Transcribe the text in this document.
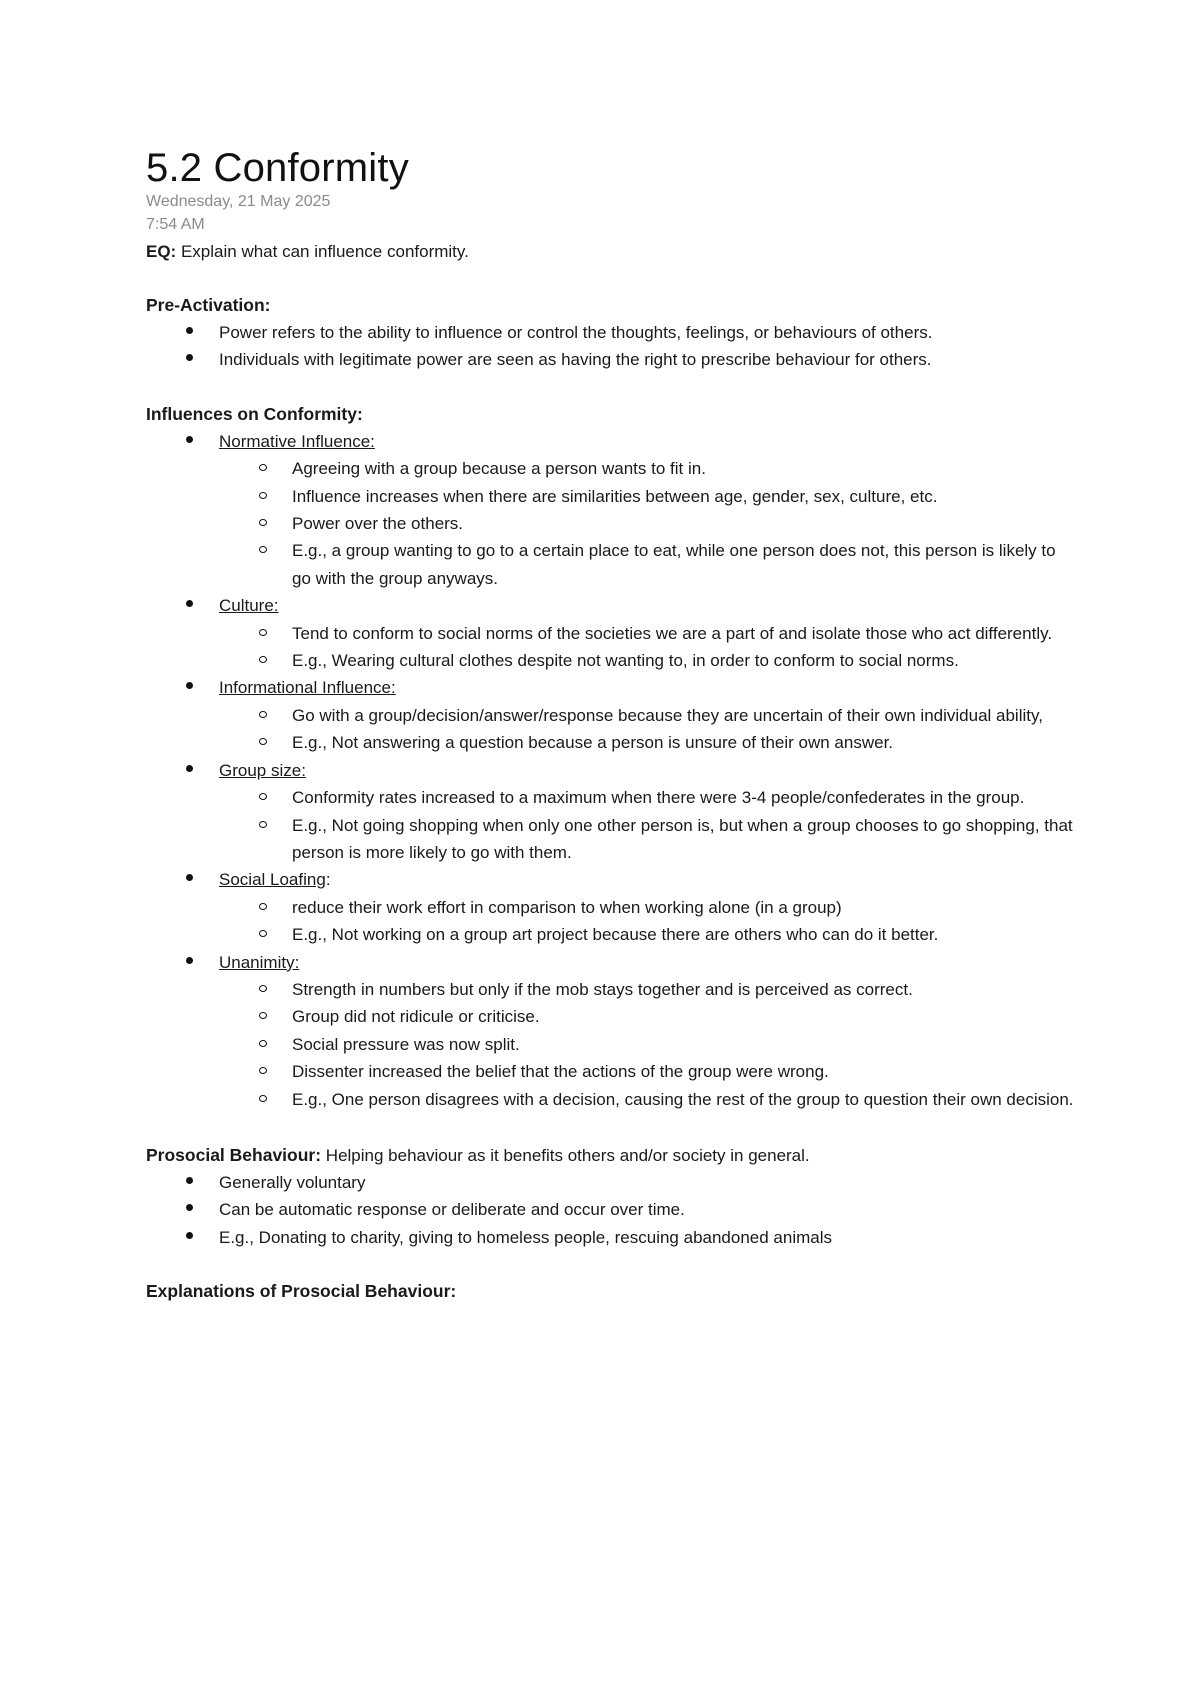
5.2 Conformity
Wednesday, 21 May 2025
7:54 AM
EQ: Explain what can influence conformity.
Pre-Activation:
Power refers to the ability to influence or control the thoughts, feelings, or behaviours of others.
Individuals with legitimate power are seen as having the right to prescribe behaviour for others.
Influences on Conformity:
Normative Influence:
Agreeing with a group because a person wants to fit in.
Influence increases when there are similarities between age, gender, sex, culture, etc.
Power over the others.
E.g., a group wanting to go to a certain place to eat, while one person does not, this person is likely to go with the group anyways.
Culture:
Tend to conform to social norms of the societies we are a part of and isolate those who act differently.
E.g., Wearing cultural clothes despite not wanting to, in order to conform to social norms.
Informational Influence:
Go with a group/decision/answer/response because they are uncertain of their own individual ability,
E.g., Not answering a question because a person is unsure of their own answer.
Group size:
Conformity rates increased to a maximum when there were 3-4 people/confederates in the group.
E.g., Not going shopping when only one other person is, but when a group chooses to go shopping, that person is more likely to go with them.
Social Loafing:
reduce their work effort in comparison to when working alone (in a group)
E.g., Not working on a group art project because there are others who can do it better.
Unanimity:
Strength in numbers but only if the mob stays together and is perceived as correct.
Group did not ridicule or criticise.
Social pressure was now split.
Dissenter increased the belief that the actions of the group were wrong.
E.g., One person disagrees with a decision, causing the rest of the group to question their own decision.
Prosocial Behaviour: Helping behaviour as it benefits others and/or society in general.
Generally voluntary
Can be automatic response or deliberate and occur over time.
E.g., Donating to charity, giving to homeless people, rescuing abandoned animals
Explanations of Prosocial Behaviour:
